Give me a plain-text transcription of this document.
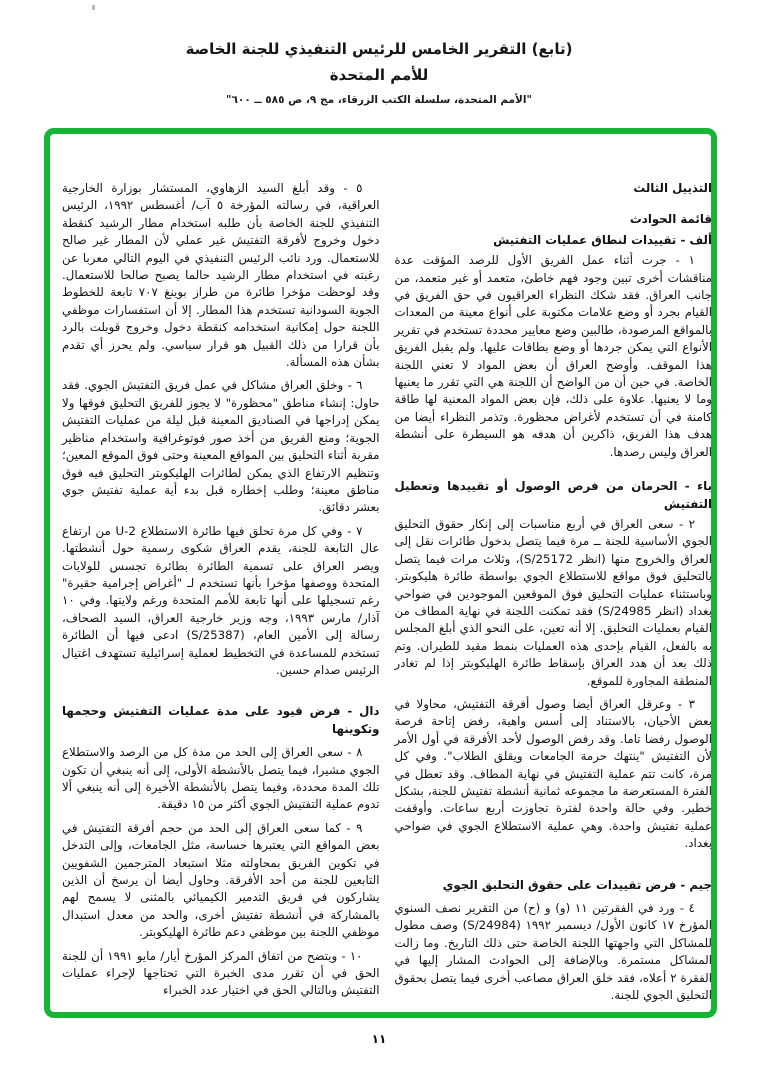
(تابع) التقرير الخامس للرئيس التنفيذي للجنة الخاصة
للأمم المتحدة
"الأمم المتحدة، سلسلة الكتب الزرقاء، مج ٩، ص ٥٨٥ ــ ٦٠٠"
التذييل الثالث
قائمة الحوادث
ألف - تقييدات لنطاق عمليات التفتيش

١ - جرت أثناء عمل الفريق الأول للرصد المؤقت عدة مناقشات أخرى تبين وجود فهم خاطئ، متعمد أو غير متعمد، من جانب العراق. فقد شكك النظراء العراقيون في حق الفريق في القيام بجرد أو وضع علامات مكتوبة على أنواع معينة من المعدات بالمواقع المرصودة، طالبين وضع معايير محددة تستخدم في تقرير الأنواع التي يمكن جردها أو وضع بطاقات عليها. ولم يقبل الفريق هذا الموقف. وأوضح العراق أن بعض المواد لا تعني اللجنة الخاصة. في حين أن من الواضح أن اللجنة هي التي تقرر ما يعنيها وما لا يعنيها. علاوة على ذلك، فإن بعض المواد المعنية لها طاقة كامنة في أن تستخدم لأغراض محظورة. وتذمر النظراء أيضا من هدف هذا الفريق، ذاكرين أن هدفه هو السيطرة على أنشطة العراق وليس رصدها.

باء - الحرمان من فرص الوصول أو تقييدها وتعطيل التفتيش

٢ - سعى العراق في أربع مناسبات إلى إنكار حقوق التحليق الجوي الأساسية للجنة ــ مرة فيما يتصل بدخول طائرات نقل إلى العراق والخروج منها (انظر S/25172)، وثلاث مرات فيما يتصل بالتحليق فوق مواقع للاستطلاع الجوي بواسطة طائرة هليكوبتر. وباستثناء عمليات التحليق فوق الموقعين الموجودين في ضواحي بغداد (انظر S/24985) فقد تمكنت اللجنة في نهاية المطاف من القيام بعمليات التحليق. إلا أنه تعين، على النحو الذي أبلغ المجلس به بالفعل، القيام بإحدى هذه العمليات بنمط مقيد للطيران. وتم ذلك بعد أن هدد العراق بإسقاط طائرة الهليكوبتر إذا لم تغادر المنطقة المجاورة للموقع.

٣ - وعرقل العراق أيضا وصول أفرقة التفتيش، محاولا في بعض الأحيان، بالاستناد إلى أسس واهية، رفض إتاحة فرصة الوصول رفضا تاما. وقد رفض الوصول لأحد الأفرقة في أول الأمر لأن التفتيش "ينتهك حرمة الجامعات ويقلق الطلاب". وفي كل مرة، كانت تتم عملية التفتيش في نهاية المطاف. وقد تعطل في الفترة المستعرضة ما مجموعه ثمانية أنشطة تفتيش للجنة، بشكل خطير. وفي حالة واحدة لفترة تجاوزت أربع ساعات. وأوقفت عملية تفتيش واحدة. وهي عملية الاستطلاع الجوي في ضواحي بغداد.

جيم - فرض تقييدات على حقوق التحليق الجوي

٤ - ورد في الفقرتين ١١ (و) و (ح) من التقرير نصف السنوي المؤرخ ١٧ كانون الأول/ ديسمبر ١٩٩٢ (S/24984) وصف مطول للمشاكل التي واجهتها اللجنة الخاصة حتى ذلك التاريخ. وما زالت المشاكل مستمرة. وبالإضافة إلى الحوادث المشار إليها في الفقرة ٢ أعلاه، فقد خلق العراق مصاعب أخرى فيما يتصل بحقوق التحليق الجوي للجنة.

٥ - وقد أبلغ السيد الزهاوي، المستشار بوزارة الخارجية العراقية، في رسالته المؤرخة ٥ آب/ أغسطس ١٩٩٢، الرئيس التنفيذي للجنة الخاصة بأن طلبه استخدام مطار الرشيد كنقطة دخول وخروج لأفرقة التفتيش غير عملي لأن المطار غير صالح للاستعمال. ورد نائب الرئيس التنفيذي في اليوم التالي معربا عن رغبته في استخدام مطار الرشيد حالما يصبح صالحا للاستعمال. وقد لوحظت مؤخرا طائرة من طراز بوينغ ٧٠٧ تابعة للخطوط الجوية السودانية تستخدم هذا المطار. إلا أن استفسارات موظفي اللجنة حول إمكانية استخدامه كنقطة دخول وخروج قوبلت بالرد بأن قرارا من ذلك القبيل هو قرار سياسي. ولم يحرز أي تقدم بشأن هذه المسألة.

٦ - وخلق العراق مشاكل في عمل فريق التفتيش الجوي. فقد حاول: إنشاء مناطق "محظورة" لا يجوز للفريق التحليق فوقها ولا يمكن إدراجها في الصناديق المعينة قبل ليلة من عمليات التفتيش الجوية؛ ومنع الفريق من أخذ صور فوتوغرافية واستخدام مناظير مقربة أثناء التحليق بين المواقع المعينة وحتى فوق الموقع المعين؛ وتنظيم الارتفاع الذي يمكن لطائرات الهليكوبتر التحليق فيه فوق مناطق معينة؛ وطلب إخطاره قبل بدء أية عملية تفتيش جوي بعشر دقائق.

٧ - وفي كل مرة تحلق فيها طائرة الاستطلاع U-2 من ارتفاع عال التابعة للجنة، يقدم العراق شكوى رسمية حول أنشطتها. ويصر العراق على تسمية الطائرة بطائرة تجسس للولايات المتحدة ووصفها مؤخرا بأنها تستخدم لـ "أغراض إجرامية حقيرة" رغم تسجيلها على أنها تابعة للأمم المتحدة ورغم ولايتها. وفي ١٠ آذار/ مارس ١٩٩٣، وجه وزير خارجية العراق، السيد الصحاف، رسالة إلى الأمين العام، (S/25387) ادعى فيها أن الطائرة تستخدم للمساعدة في التخطيط لعملية إسرائيلية تستهدف اغتيال الرئيس صدام حسين.

دال - فرض قيود على مدة عمليات التفتيش وحجمها وتكوينها

٨ - سعى العراق إلى الحد من مدة كل من الرصد والاستطلاع الجوي مشيرا، فيما يتصل بالأنشطة الأولى، إلى أنه ينبغي أن تكون تلك المدة محددة، وفيما يتصل بالأنشطة الأخيرة إلى أنه ينبغي ألا تدوم عملية التفتيش الجوي أكثر من ١٥ دقيقة.

٩ - كما سعى العراق إلى الحد من حجم أفرقة التفتيش في بعض المواقع التي يعتبرها حساسة، مثل الجامعات، وإلى التدخل في تكوين الفريق بمحاولته مثلا استبعاد المترجمين الشفويين التابعين للجنة من أحد الأفرقة. وحاول أيضا أن يرسخ أن الذين يشاركون في فريق التدمير الكيميائي بالمثنى لا يسمح لهم بالمشاركة في أنشطة تفتيش أخرى، والحد من معدل استبدال موظفي اللجنة بين موظفي دعم طائرة الهليكوبتر.

١٠ - ويتضح من اتفاق المركز المؤرخ أيار/ مايو ١٩٩١ أن للجنة الحق في أن تقرر مدى الخبرة التي تحتاجها لإجراء عمليات التفتيش وبالتالي الحق في اختيار عدد الخبراء

١١
